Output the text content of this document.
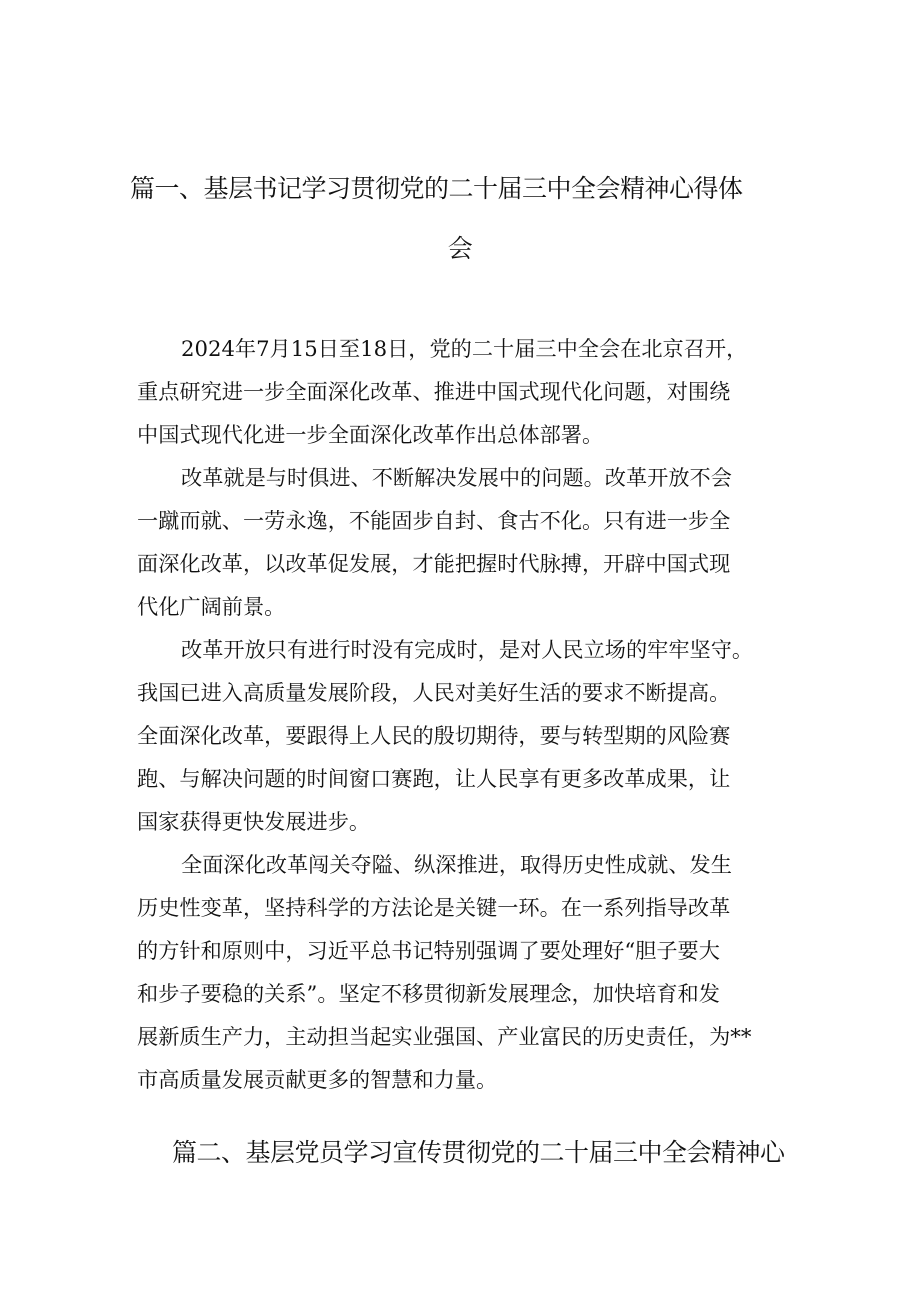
篇一、基层书记学习贯彻党的二十届三中全会精神心得体
会
2024年7月15日至18日，党的二十届三中全会在北京召开，
重点研究进一步全面深化改革、推进中国式现代化问题，对围绕
中国式现代化进一步全面深化改革作出总体部署。
改革就是与时俱进、不断解决发展中的问题。改革开放不会
一蹴而就、一劳永逸，不能固步自封、食古不化。只有进一步全
面深化改革，以改革促发展，才能把握时代脉搏，开辟中国式现
代化广阔前景。
改革开放只有进行时没有完成时，是对人民立场的牢牢坚守。
我国已进入高质量发展阶段，人民对美好生活的要求不断提高。
全面深化改革，要跟得上人民的殷切期待，要与转型期的风险赛
跑、与解决问题的时间窗口赛跑，让人民享有更多改革成果，让
国家获得更快发展进步。
全面深化改革闯关夺隘、纵深推进，取得历史性成就、发生
历史性变革，坚持科学的方法论是关键一环。在一系列指导改革
的方针和原则中，习近平总书记特别强调了要处理好“胆子要大
和步子要稳的关系”。坚定不移贯彻新发展理念，加快培育和发
展新质生产力，主动担当起实业强国、产业富民的历史责任，为**
市高质量发展贡献更多的智慧和力量。
篇二、基层党员学习宣传贯彻党的二十届三中全会精神心
